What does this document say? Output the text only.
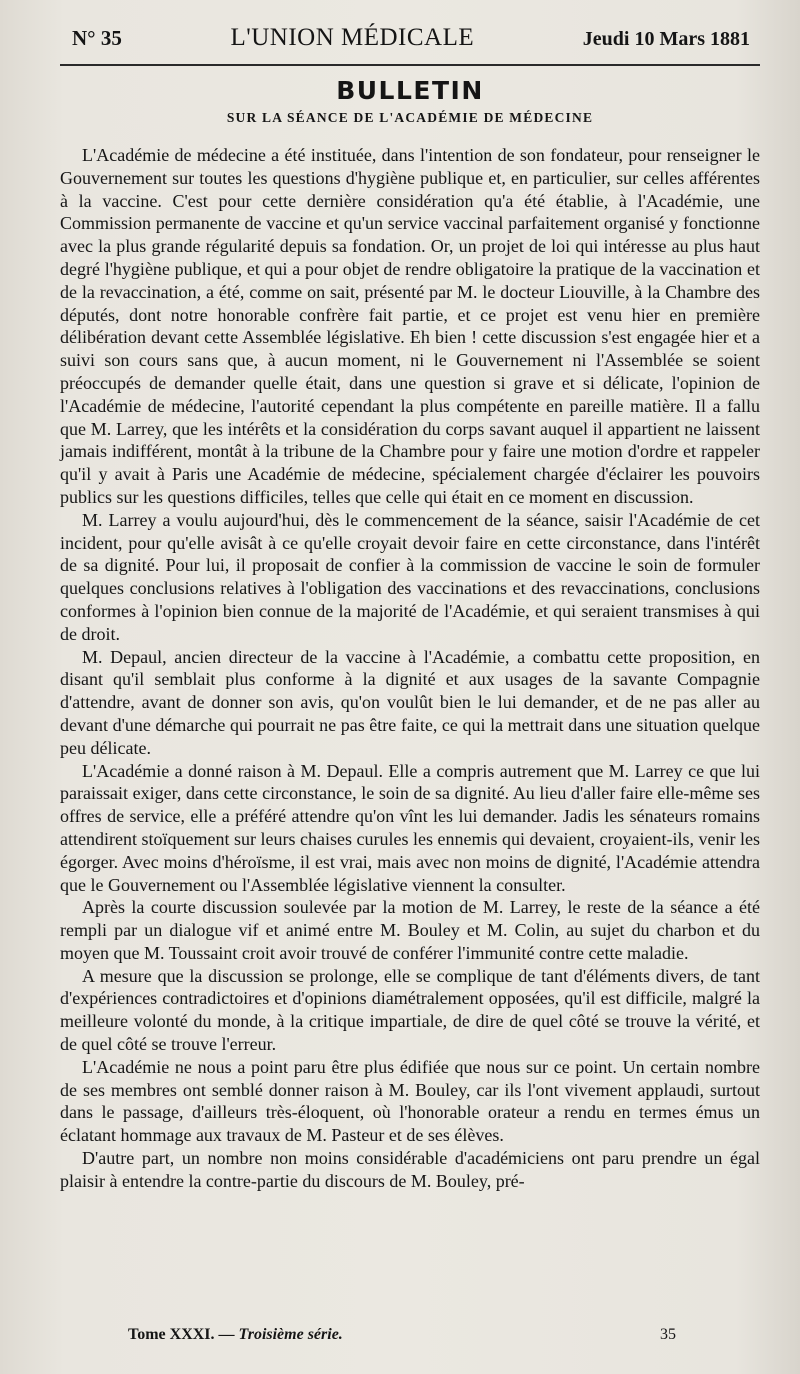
N° 35	L'UNION MÉDICALE	Jeudi 10 Mars 1881
BULLETIN
SUR LA SÉANCE DE L'ACADÉMIE DE MÉDECINE

L'Académie de médecine a été instituée, dans l'intention de son fondateur, pour renseigner le Gouvernement sur toutes les questions d'hygiène publique et, en particulier, sur celles afférentes à la vaccine. C'est pour cette dernière considération qu'a été établie, à l'Académie, une Commission permanente de vaccine et qu'un service vaccinal parfaitement organisé y fonctionne avec la plus grande régularité depuis sa fondation. Or, un projet de loi qui intéresse au plus haut degré l'hygiène publique, et qui a pour objet de rendre obligatoire la pratique de la vaccination et de la revaccination, a été, comme on sait, présenté par M. le docteur Liouville, à la Chambre des députés, dont notre honorable confrère fait partie, et ce projet est venu hier en première délibération devant cette Assemblée législative. Eh bien ! cette discussion s'est engagée hier et a suivi son cours sans que, à aucun moment, ni le Gouvernement ni l'Assemblée se soient préoccupés de demander quelle était, dans une question si grave et si délicate, l'opinion de l'Académie de médecine, l'autorité cependant la plus compétente en pareille matière. Il a fallu que M. Larrey, que les intérêts et la considération du corps savant auquel il appartient ne laissent jamais indifférent, montât à la tribune de la Chambre pour y faire une motion d'ordre et rappeler qu'il y avait à Paris une Académie de médecine, spécialement chargée d'éclairer les pouvoirs publics sur les questions difficiles, telles que celle qui était en ce moment en discussion.

M. Larrey a voulu aujourd'hui, dès le commencement de la séance, saisir l'Académie de cet incident, pour qu'elle avisât à ce qu'elle croyait devoir faire en cette circonstance, dans l'intérêt de sa dignité. Pour lui, il proposait de confier à la commission de vaccine le soin de formuler quelques conclusions relatives à l'obligation des vaccinations et des revaccinations, conclusions conformes à l'opinion bien connue de la majorité de l'Académie, et qui seraient transmises à qui de droit.

M. Depaul, ancien directeur de la vaccine à l'Académie, a combattu cette proposition, en disant qu'il semblait plus conforme à la dignité et aux usages de la savante Compagnie d'attendre, avant de donner son avis, qu'on voulût bien le lui demander, et de ne pas aller au devant d'une démarche qui pourrait ne pas être faite, ce qui la mettrait dans une situation quelque peu délicate.

L'Académie a donné raison à M. Depaul. Elle a compris autrement que M. Larrey ce que lui paraissait exiger, dans cette circonstance, le soin de sa dignité. Au lieu d'aller faire elle-même ses offres de service, elle a préféré attendre qu'on vînt les lui demander. Jadis les sénateurs romains attendirent stoïquement sur leurs chaises curules les ennemis qui devaient, croyaient-ils, venir les égorger. Avec moins d'héroïsme, il est vrai, mais avec non moins de dignité, l'Académie attendra que le Gouvernement ou l'Assemblée législative viennent la consulter.

Après la courte discussion soulevée par la motion de M. Larrey, le reste de la séance a été rempli par un dialogue vif et animé entre M. Bouley et M. Colin, au sujet du charbon et du moyen que M. Toussaint croit avoir trouvé de conférer l'immunité contre cette maladie.

A mesure que la discussion se prolonge, elle se complique de tant d'éléments divers, de tant d'expériences contradictoires et d'opinions diamétralement opposées, qu'il est difficile, malgré la meilleure volonté du monde, à la critique impartiale, de dire de quel côté se trouve la vérité, et de quel côté se trouve l'erreur.

L'Académie ne nous a point paru être plus édifiée que nous sur ce point. Un certain nombre de ses membres ont semblé donner raison à M. Bouley, car ils l'ont vivement applaudi, surtout dans le passage, d'ailleurs très-éloquent, où l'honorable orateur a rendu en termes émus un éclatant hommage aux travaux de M. Pasteur et de ses élèves.

D'autre part, un nombre non moins considérable d'académiciens ont paru prendre un égal plaisir à entendre la contre-partie du discours de M. Bouley, pré-

Tome XXXI. — Troisième série.	35
